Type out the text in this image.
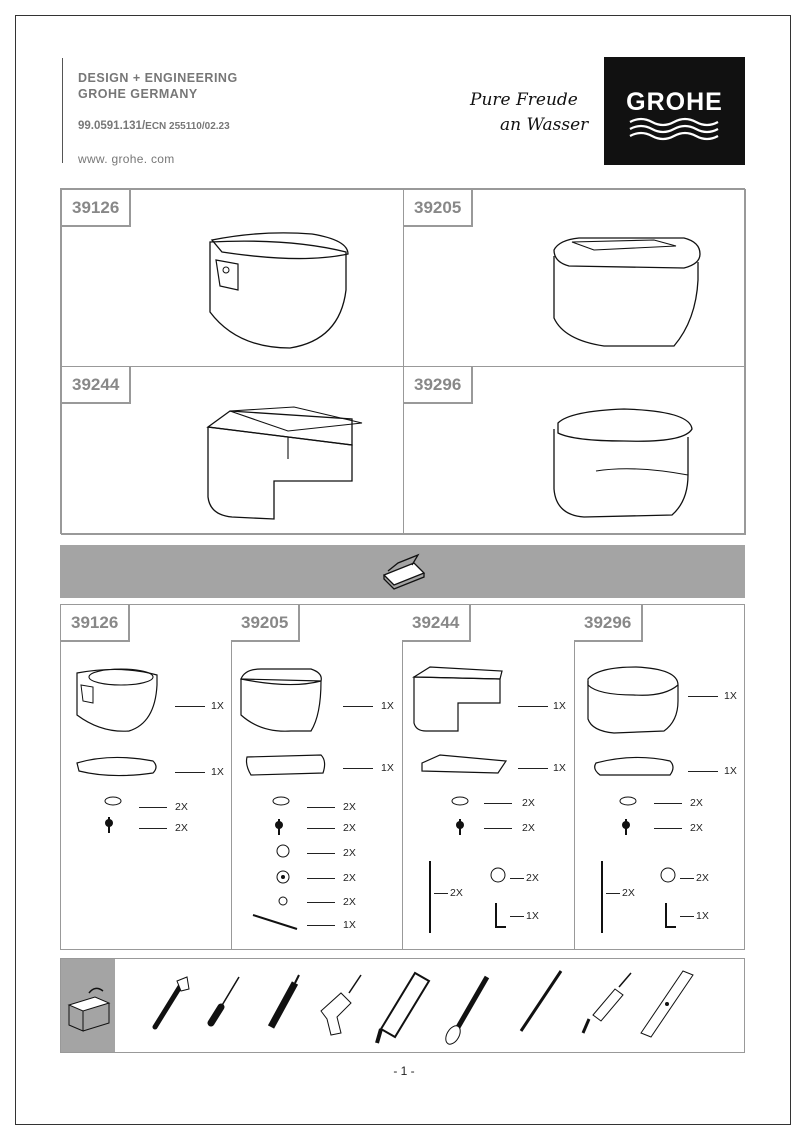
DESIGN + ENGINEERING
GROHE GERMANY
99.0591.131/ECN 255110/02.23
www. grohe. com
Pure Freude
an Wasser
GROHE
39126	39205
39244	39296
39126
1X
1X
2X
2X
39205
1X
1X
2X
2X
2X
2X
2X
1X
39244
1X
1X
2X
2X
2X
2X
1X
39296
1X
1X
2X
2X
2X
2X
1X
- 1 -
